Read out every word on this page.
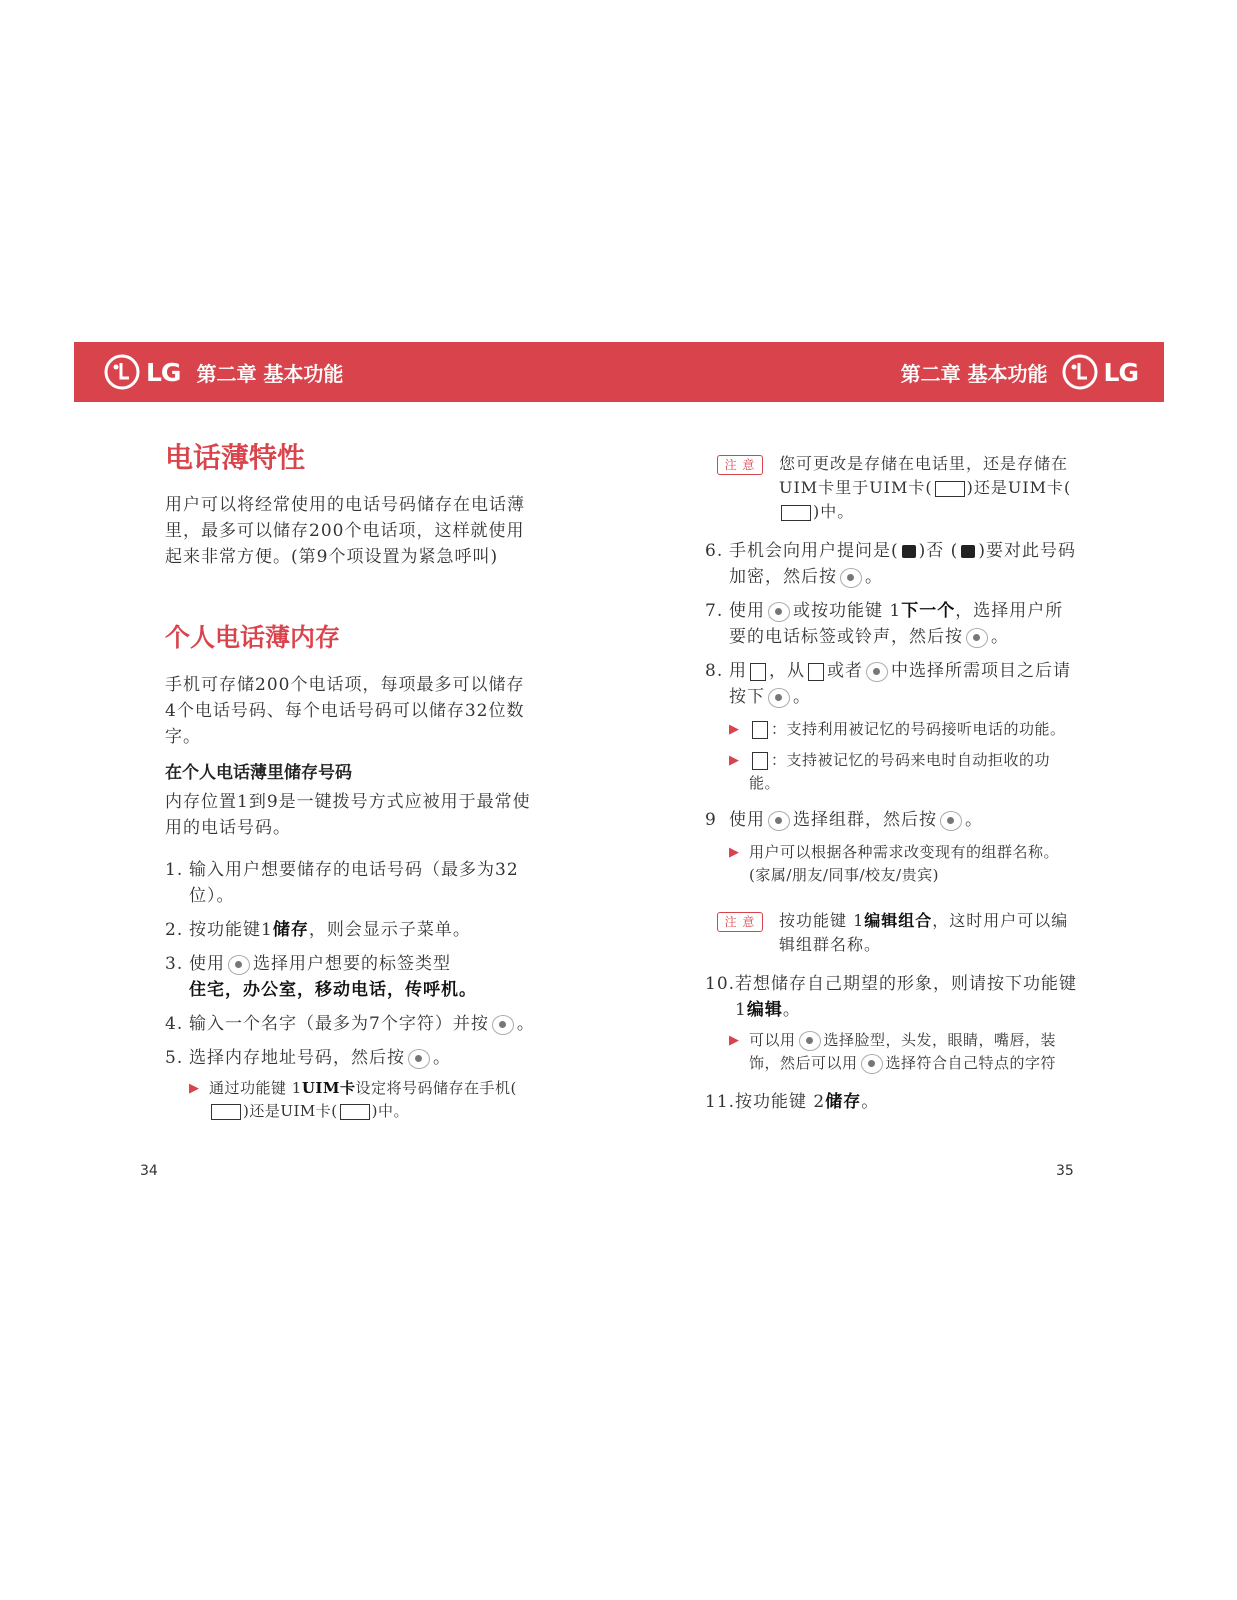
LG 第二章 基本功能	第二章 基本功能 LG
电话薄特性

用户可以将经常使用的电话号码储存在电话薄里，最多可以储存200个电话项，这样就使用起来非常方便。(第9个项设置为紧急呼叫)

个人电话薄内存

手机可存储200个电话项，每项最多可以储存4个电话号码、每个电话号码可以储存32位数字。

在个人电话薄里储存号码

内存位置1到9是一键拨号方式应被用于最常使用的电话号码。

1. 输入用户想要储存的电话号码（最多为32位）。
2. 按功能键1储存，则会显示子菜单。
3. 使用 选择用户想要的标签类型
住宅，办公室，移动电话，传呼机。
4. 输入一个名字（最多为7个字符）并按 。
5. 选择内存地址号码，然后按 。
▶ 通过功能键 1UIM卡设定将号码储存在手机()还是UIM卡( )中。
34
注 意	您可更改是存储在电话里，还是存储在UIM卡里于UIM卡( )还是UIM卡()中。
6. 手机会向用户提问是( )否 ( )要对此号码加密，然后按 。
7. 使用 或按功能键 1下一个，选择用户所要的电话标签或铃声，然后按 。
8. 用 ，从 或者 中选择所需项目之后请按下 。
▶	：支持利用被记忆的号码接听电话的功能。
▶	：支持被记忆的号码来电时自动拒收的功能。
9 使用 选择组群，然后按 。
▶ 用户可以根据各种需求改变现有的组群名称。(家属/朋友/同事/校友/贵宾)
注 意	按功能键 1编辑组合，这时用户可以编辑组群名称。
10. 若想储存自己期望的形象，则请按下功能键1编辑。
▶ 可以用 选择脸型，头发，眼睛，嘴唇，装饰，然后可以用 选择符合自己特点的字符
11. 按功能键 2储存。
35
